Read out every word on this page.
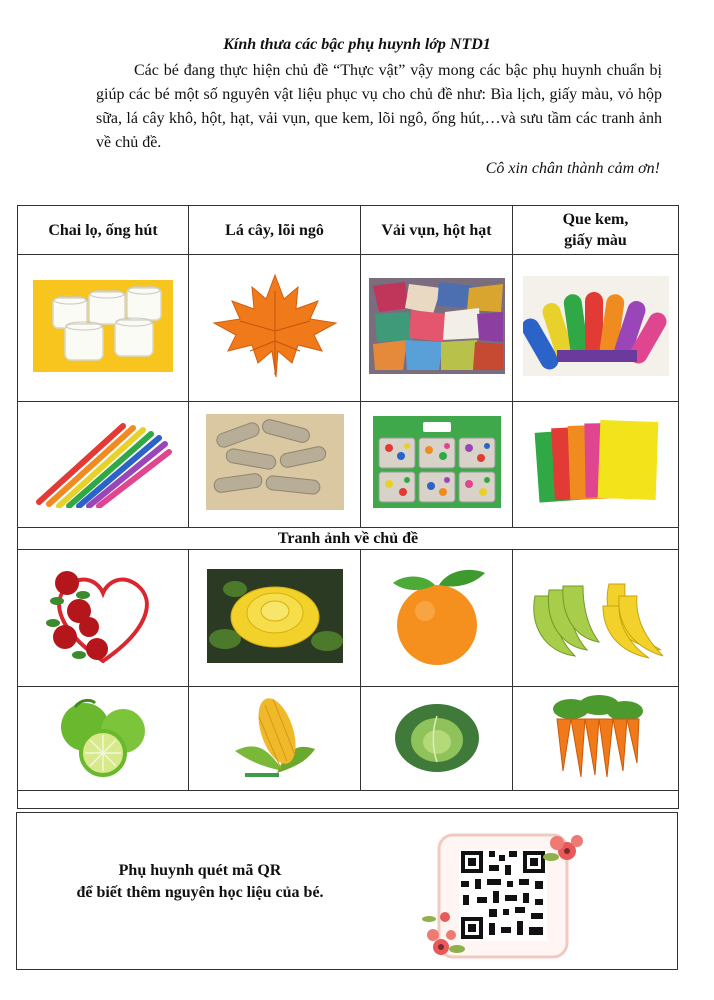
Kính thưa các bậc phụ huynh lớp NTD1
Các bé đang thực hiện chủ đề “Thực vật” vậy mong các bậc phụ huynh chuẩn bị giúp các bé một số nguyên vật liệu phục vụ cho chủ đề như: Bìa lịch, giấy màu, vỏ hộp sữa, lá cây khô, hột, hạt, vải vụn, que kem, lõi ngô, ống hút,…và sưu tầm các tranh ảnh về chủ đề.
Cô xin chân thành cảm ơn!
Chai lọ, ống hút	Lá cây, lõi ngô	Vải vụn, hột hạt	Que kem,
giấy màu

Tranh ảnh về chủ đề			

Phụ huynh quét mã QR
để biết thêm nguyên học liệu của bé.
